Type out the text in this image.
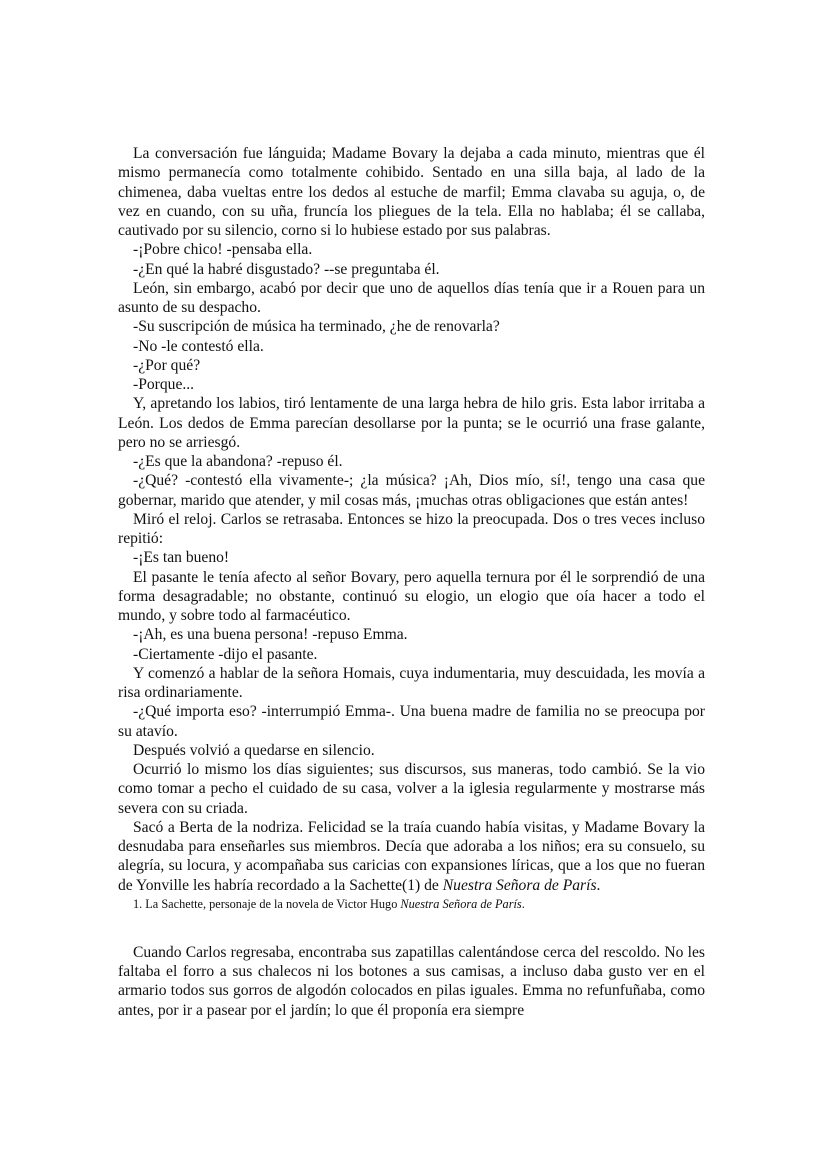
La conversación fue lánguida; Madame Bovary la dejaba a cada minuto, mientras que él mismo permanecía como totalmente cohibido. Sentado en una silla baja, al lado de la chimenea, daba vueltas entre los dedos al estuche de marfil; Emma clavaba su aguja, o, de vez en cuando, con su uña, fruncía los pliegues de la tela. Ella no hablaba; él se callaba, cautivado por su silencio, corno si lo hubiese estado por sus palabras.

-¡Pobre chico! -pensaba ella.

-¿En qué la habré disgustado? --se preguntaba él.

León, sin embargo, acabó por decir que uno de aquellos días tenía que ir a Rouen para un asunto de su despacho.

-Su suscripción de música ha terminado, ¿he de renovarla?

-No -le contestó ella.

-¿Por qué?

-Porque...

Y, apretando los labios, tiró lentamente de una larga hebra de hilo gris. Esta labor irritaba a León. Los dedos de Emma parecían desollarse por la punta; se le ocurrió una frase galante, pero no se arriesgó.

-¿Es que la abandona? -repuso él.

-¿Qué? -contestó ella vivamente-; ¿la música? ¡Ah, Dios mío, sí!, tengo una casa que gobernar, marido que atender, y mil cosas más, ¡muchas otras obligaciones que están antes!

Miró el reloj. Carlos se retrasaba. Entonces se hizo la preocupada. Dos o tres veces incluso repitió:

-¡Es tan bueno!

El pasante le tenía afecto al señor Bovary, pero aquella ternura por él le sorprendió de una forma desagradable; no obstante, continuó su elogio, un elogio que oía hacer a todo el mundo, y sobre todo al farmacéutico.

-¡Ah, es una buena persona! -repuso Emma.

-Ciertamente -dijo el pasante.

Y comenzó a hablar de la señora Homais, cuya indumentaria, muy descuidada, les movía a risa ordinariamente.

-¿Qué importa eso? -interrumpió Emma-. Una buena madre de familia no se preocupa por su atavío.

Después volvió a quedarse en silencio.

Ocurrió lo mismo los días siguientes; sus discursos, sus maneras, todo cambió. Se la vio como tomar a pecho el cuidado de su casa, volver a la iglesia regularmente y mostrarse más severa con su criada.

Sacó a Berta de la nodriza. Felicidad se la traía cuando había visitas, y Madame Bovary la desnudaba para enseñarles sus miembros. Decía que adoraba a los niños; era su consuelo, su alegría, su locura, y acompañaba sus caricias con expansiones líricas, que a los que no fueran de Yonville les habría recordado a la Sachette(1) de Nuestra Señora de París.

1. La Sachette, personaje de la novela de Victor Hugo Nuestra Señora de París.

Cuando Carlos regresaba, encontraba sus zapatillas calentándose cerca del rescoldo. No les faltaba el forro a sus chalecos ni los botones a sus camisas, a incluso daba gusto ver en el armario todos sus gorros de algodón colocados en pilas iguales. Emma no refunfuñaba, como antes, por ir a pasear por el jardín; lo que él proponía era siempre
